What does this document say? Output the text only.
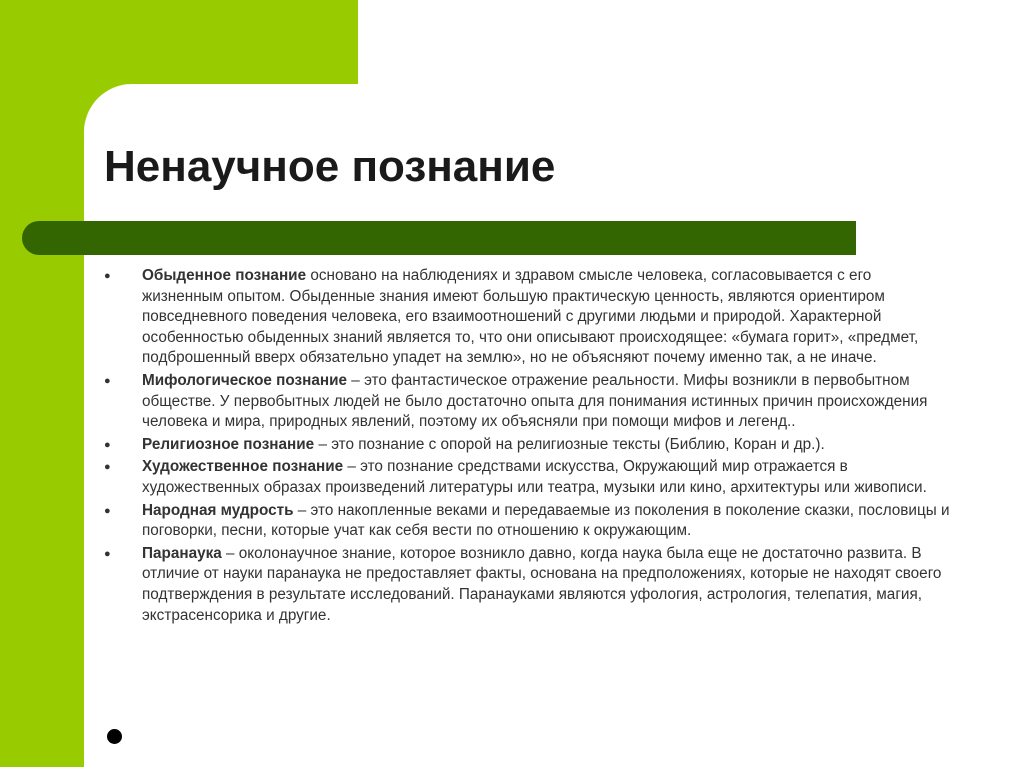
Ненаучное познание
● Обыденное познание основано на наблюдениях и здравом смысле человека, согласовывается с его жизненным опытом. Обыденные знания имеют большую практическую ценность, являются ориентиром повседневного поведения человека, его взаимоотношений с другими людьми и природой. Характерной особенностью обыденных знаний является то, что они описывают происходящее: «бумага горит», «предмет, подброшенный вверх обязательно упадет на землю», но не объясняют почему именно так, а не иначе.
● Мифологическое познание – это фантастическое отражение реальности. Мифы возникли в первобытном обществе. У первобытных людей не было достаточно опыта для понимания истинных причин происхождения человека и мира, природных явлений, поэтому их объясняли при помощи мифов и легенд..
● Религиозное познание – это познание с опорой на религиозные тексты (Библию, Коран и др.).
● Художественное познание – это познание средствами искусства, Окружающий мир отражается в художественных образах произведений литературы или театра, музыки или кино, архитектуры или живописи.
● Народная мудрость – это накопленные веками и передаваемые из поколения в поколение сказки, пословицы и поговорки, песни, которые учат как себя вести по отношению к окружающим.
● Паранаука – околонаучное знание, которое возникло давно, когда наука была еще не достаточно развита. В отличие от науки паранаука не предоставляет факты, основана на предположениях, которые не находят своего подтверждения в результате исследований. Паранауками являются уфология, астрология, телепатия, магия, экстрасенсорика и другие.
